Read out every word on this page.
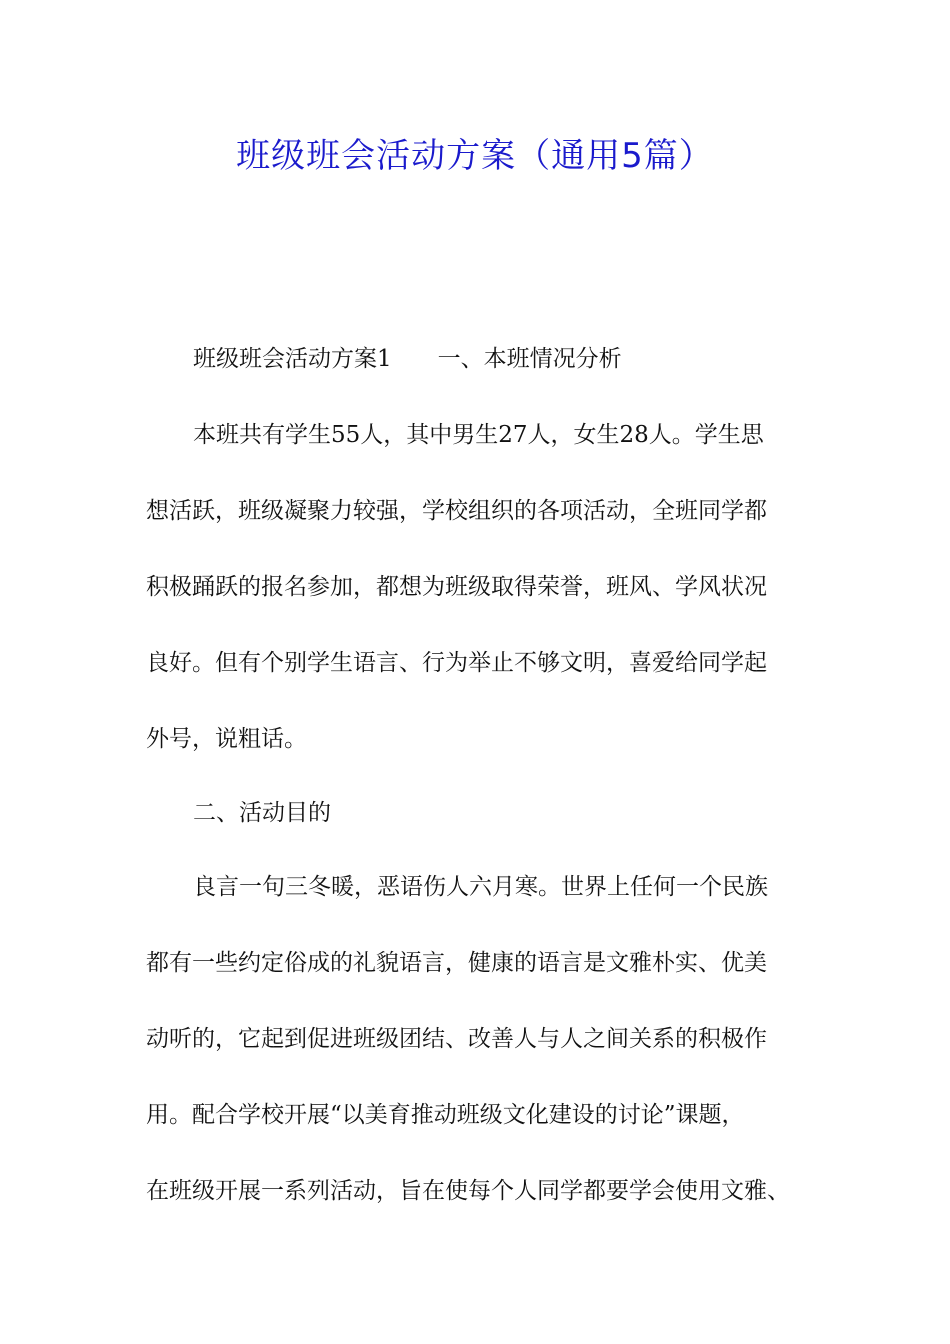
班级班会活动方案（通用5篇）
班级班会活动方案1 一、本班情况分析
本班共有学生55人，其中男生27人，女生28人。学生思
想活跃，班级凝聚力较强，学校组织的各项活动，全班同学都
积极踊跃的报名参加，都想为班级取得荣誉，班风、学风状况
良好。但有个别学生语言、行为举止不够文明，喜爱给同学起
外号，说粗话。
二、活动目的
良言一句三冬暖，恶语伤人六月寒。世界上任何一个民族
都有一些约定俗成的礼貌语言，健康的语言是文雅朴实、优美
动听的，它起到促进班级团结、改善人与人之间关系的积极作
用。配合学校开展“以美育推动班级文化建设的讨论”课题，
在班级开展一系列活动，旨在使每个人同学都要学会使用文雅、
